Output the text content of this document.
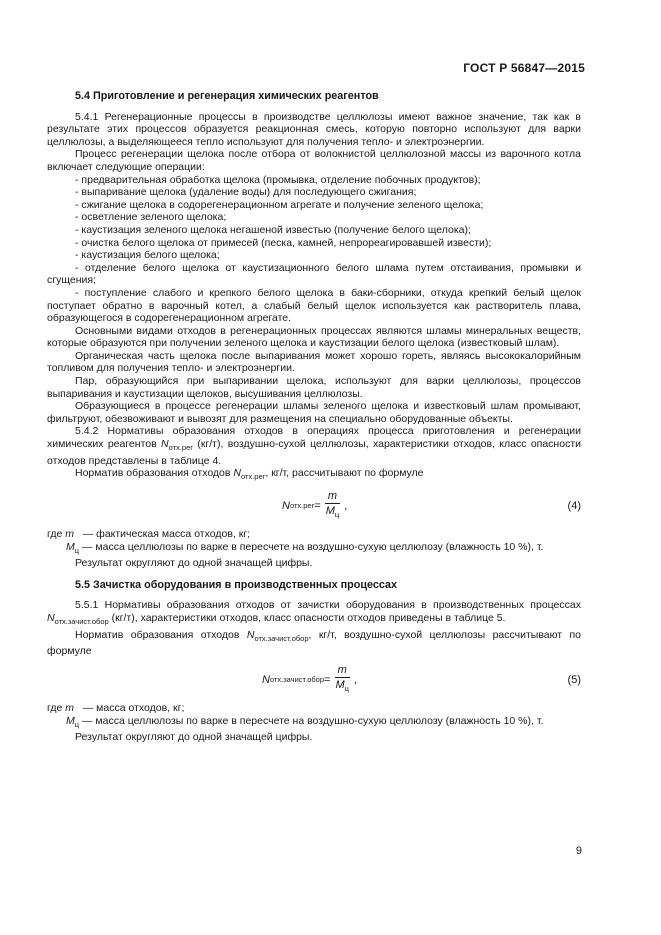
ГОСТ Р 56847—2015

5.4 Приготовление и регенерация химических реагентов

5.4.1 Регенерационные процессы в производстве целлюлозы имеют важное значение, так как в результате этих процессов образуется реакционная смесь, которую повторно используют для варки целлюлозы, а выделяющееся тепло используют для получения тепло- и электроэнергии.

Процесс регенерации щелока после отбора от волокнистой целлюлозной массы из варочного котла включает следующие операции:

- предварительная обработка щелока (промывка, отделение побочных продуктов);

- выпаривание щелока (удаление воды) для последующего сжигания;

- сжигание щелока в содорегенерационном агрегате и получение зеленого щелока;

- осветление зеленого щелока;

- каустизация зеленого щелока негашеной известью (получение белого щелока);

- очистка белого щелока от примесей (песка, камней, непрореагировавшей извести);

- каустизация белого щелока;

- отделение белого щелока от каустизационного белого шлама путем отстаивания, промывки и сгущения;

- поступление слабого и крепкого белого щелока в баки-сборники, откуда крепкий белый щелок поступает обратно в варочный котел, а слабый белый щелок используется как растворитель плава, образующегося в содорегенерационном агрегате.

Основными видами отходов в регенерационных процессах являются шламы минеральных веществ, которые образуются при получении зеленого щелока и каустизации белого щелока (известковый шлам).

Органическая часть щелока после выпаривания может хорошо гореть, являясь высококалорийным топливом для получения тепло- и электроэнергии.

Пар, образующийся при выпаривании щелока, используют для варки целлюлозы, процессов выпаривания и каустизации щелоков, высушивания целлюлозы.

Образующиеся в процессе регенерации шламы зеленого щелока и известковый шлам промывают, фильтруют, обезвоживают и вывозят для размещения на специально оборудованные объекты.

5.4.2 Нормативы образования отходов в операциях процесса приготовления и регенерации химических реагентов $N_{отх.рег}$ (кг/т), воздушно-сухой целлюлозы, характеристики отходов, класс опасности отходов представлены в таблице 4.

Норматив образования отходов $N_{отх.рег}$, кг/т, рассчитывают по формуле

N $отх.рег = \frac{m}{M_ц}$ ,	(4)

где m — фактическая масса отходов, кг;

$M_ц$ — масса целлюлозы по варке в пересчете на воздушно-сухую целлюлозу (влажность 10 %), т.

Результат округляют до одной значащей цифры.

5.5 Зачистка оборудования в производственных процессах

5.5.1 Нормативы образования отходов от зачистки оборудования в производственных процессах $N_{отх.зачист.обор}$ (кг/т), характеристики отходов, класс опасности отходов приведены в таблице 5.

Норматив образования отходов $N_{отх.зачист.обор}$, кг/т, воздушно-сухой целлюлозы рассчитывают по формуле

N отх.зачист.обор = $\frac{m}{M_ц}$ ,	(5)

где m — масса отходов, кг;

$M_ц$ — масса целлюлозы по варке в пересчете на воздушно-сухую целлюлозу (влажность 10 %), т.

Результат округляют до одной значащей цифры.

9
